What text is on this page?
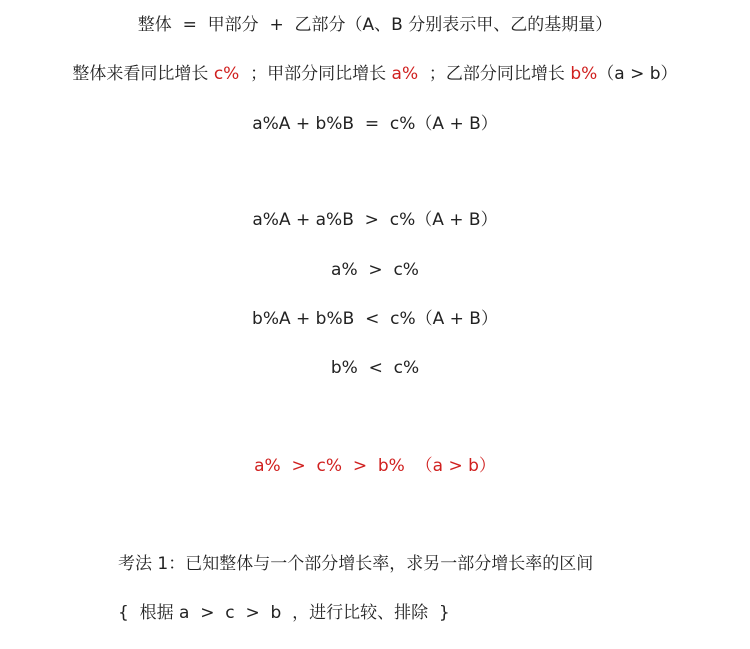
整体  =  甲部分  +  乙部分（A、B 分别表示甲、乙的基期量）
整体来看同比增长 c%  ；甲部分同比增长 a%  ；乙部分同比增长 b%（a > b）
a%A + b%B  =  c%（A + B）
a%A + a%B  >  c%（A + B）
a%  >  c%
b%A + b%B  <  c%（A + B）
b%  <  c%
a%  >  c%  >  b%  （a > b）
考法 1：已知整体与一个部分增长率，求另一部分增长率的区间
{  根据 a  >  c  >  b  ，进行比较、排除  }
